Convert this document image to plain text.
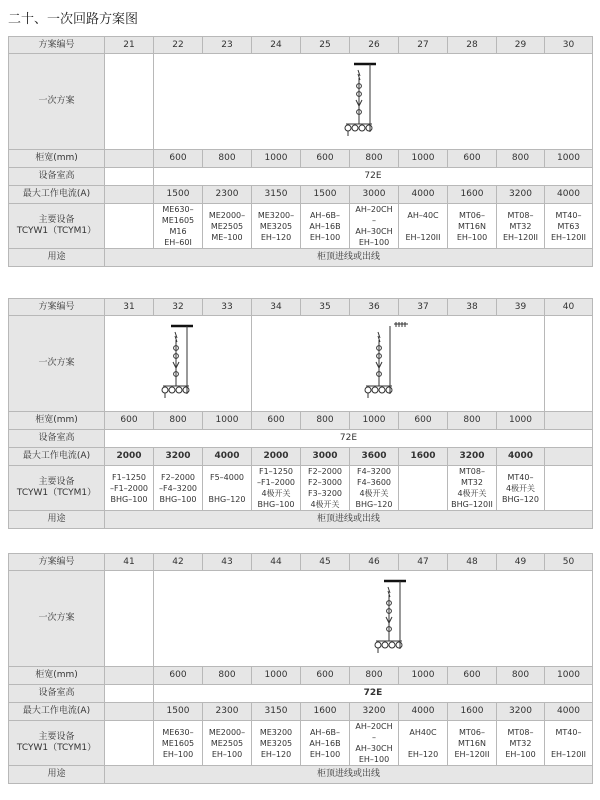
二十、一次回路方案图
方案编号	21	22	23	24	25	26	27	28	29	30
一次方案		

柜宽(mm)		600	800	1000	600	800	1000	600	800	1000
设备室高		72E								
最大工作电流(A)		1500	2300	3150	1500	3000	4000	1600	3200	4000
主要设备
TCYW1（TCYM1）		ME630–
ME1605
M16
EH–60I	ME2000–
ME2505
ME–100	ME3200–
ME3205
EH–120	AH–6B–
AH–16B
EH–100	AH–20CH
–
AH–30CH
EH–100	AH–40C

EH–120II	MT06–
MT16N
EH–100	MT08–
MT32
EH–120II	MT40–
MT63
EH–120II
用途	柜顶进线或出线									
方案编号	31	32	33	34	35	36	37	38	39	40
一次方案	

柜宽(mm)	600	800	1000	600	800	1000	600	800	1000	
设备室高	72E									
最大工作电流(A)	2000	3200	4000	2000	3000	3600	1600	3200	4000	
主要设备
TCYW1（TCYM1）	F1–1250
–F1–2000
BHG–100	F2–2000
–F4–3200
BHG–100	F5–4000

BHG–120	F1–1250
–F1–2000
4极开关
BHG–100	F2–2000
F2–3000
F3–3200
4极开关	F4–3200
F4–3600
4极开关
BHG–120		MT08–
MT32
4极开关
BHG–120II	MT40–
4极开关
BHG–120	
用途	柜顶进线或出线									
方案编号	41	42	43	44	45	46	47	48	49	50
一次方案		

柜宽(mm)		600	800	1000	600	800	1000	600	800	1000
设备室高		72E								
最大工作电流(A)		1500	2300	3150	1600	3200	4000	1600	3200	4000
主要设备
TCYW1（TCYM1）		ME630–
ME1605
EH–100	ME2000–
ME2505
EH–100	ME3200
ME3205
EH–120	AH–6B–
AH–16B
EH–100	AH–20CH
–
AH–30CH
EH–100	AH40C

EH–120	MT06–
MT16N
EH–120II	MT08–
MT32
EH–100	MT40–

EH–120II
用途	柜顶进线或出线									
